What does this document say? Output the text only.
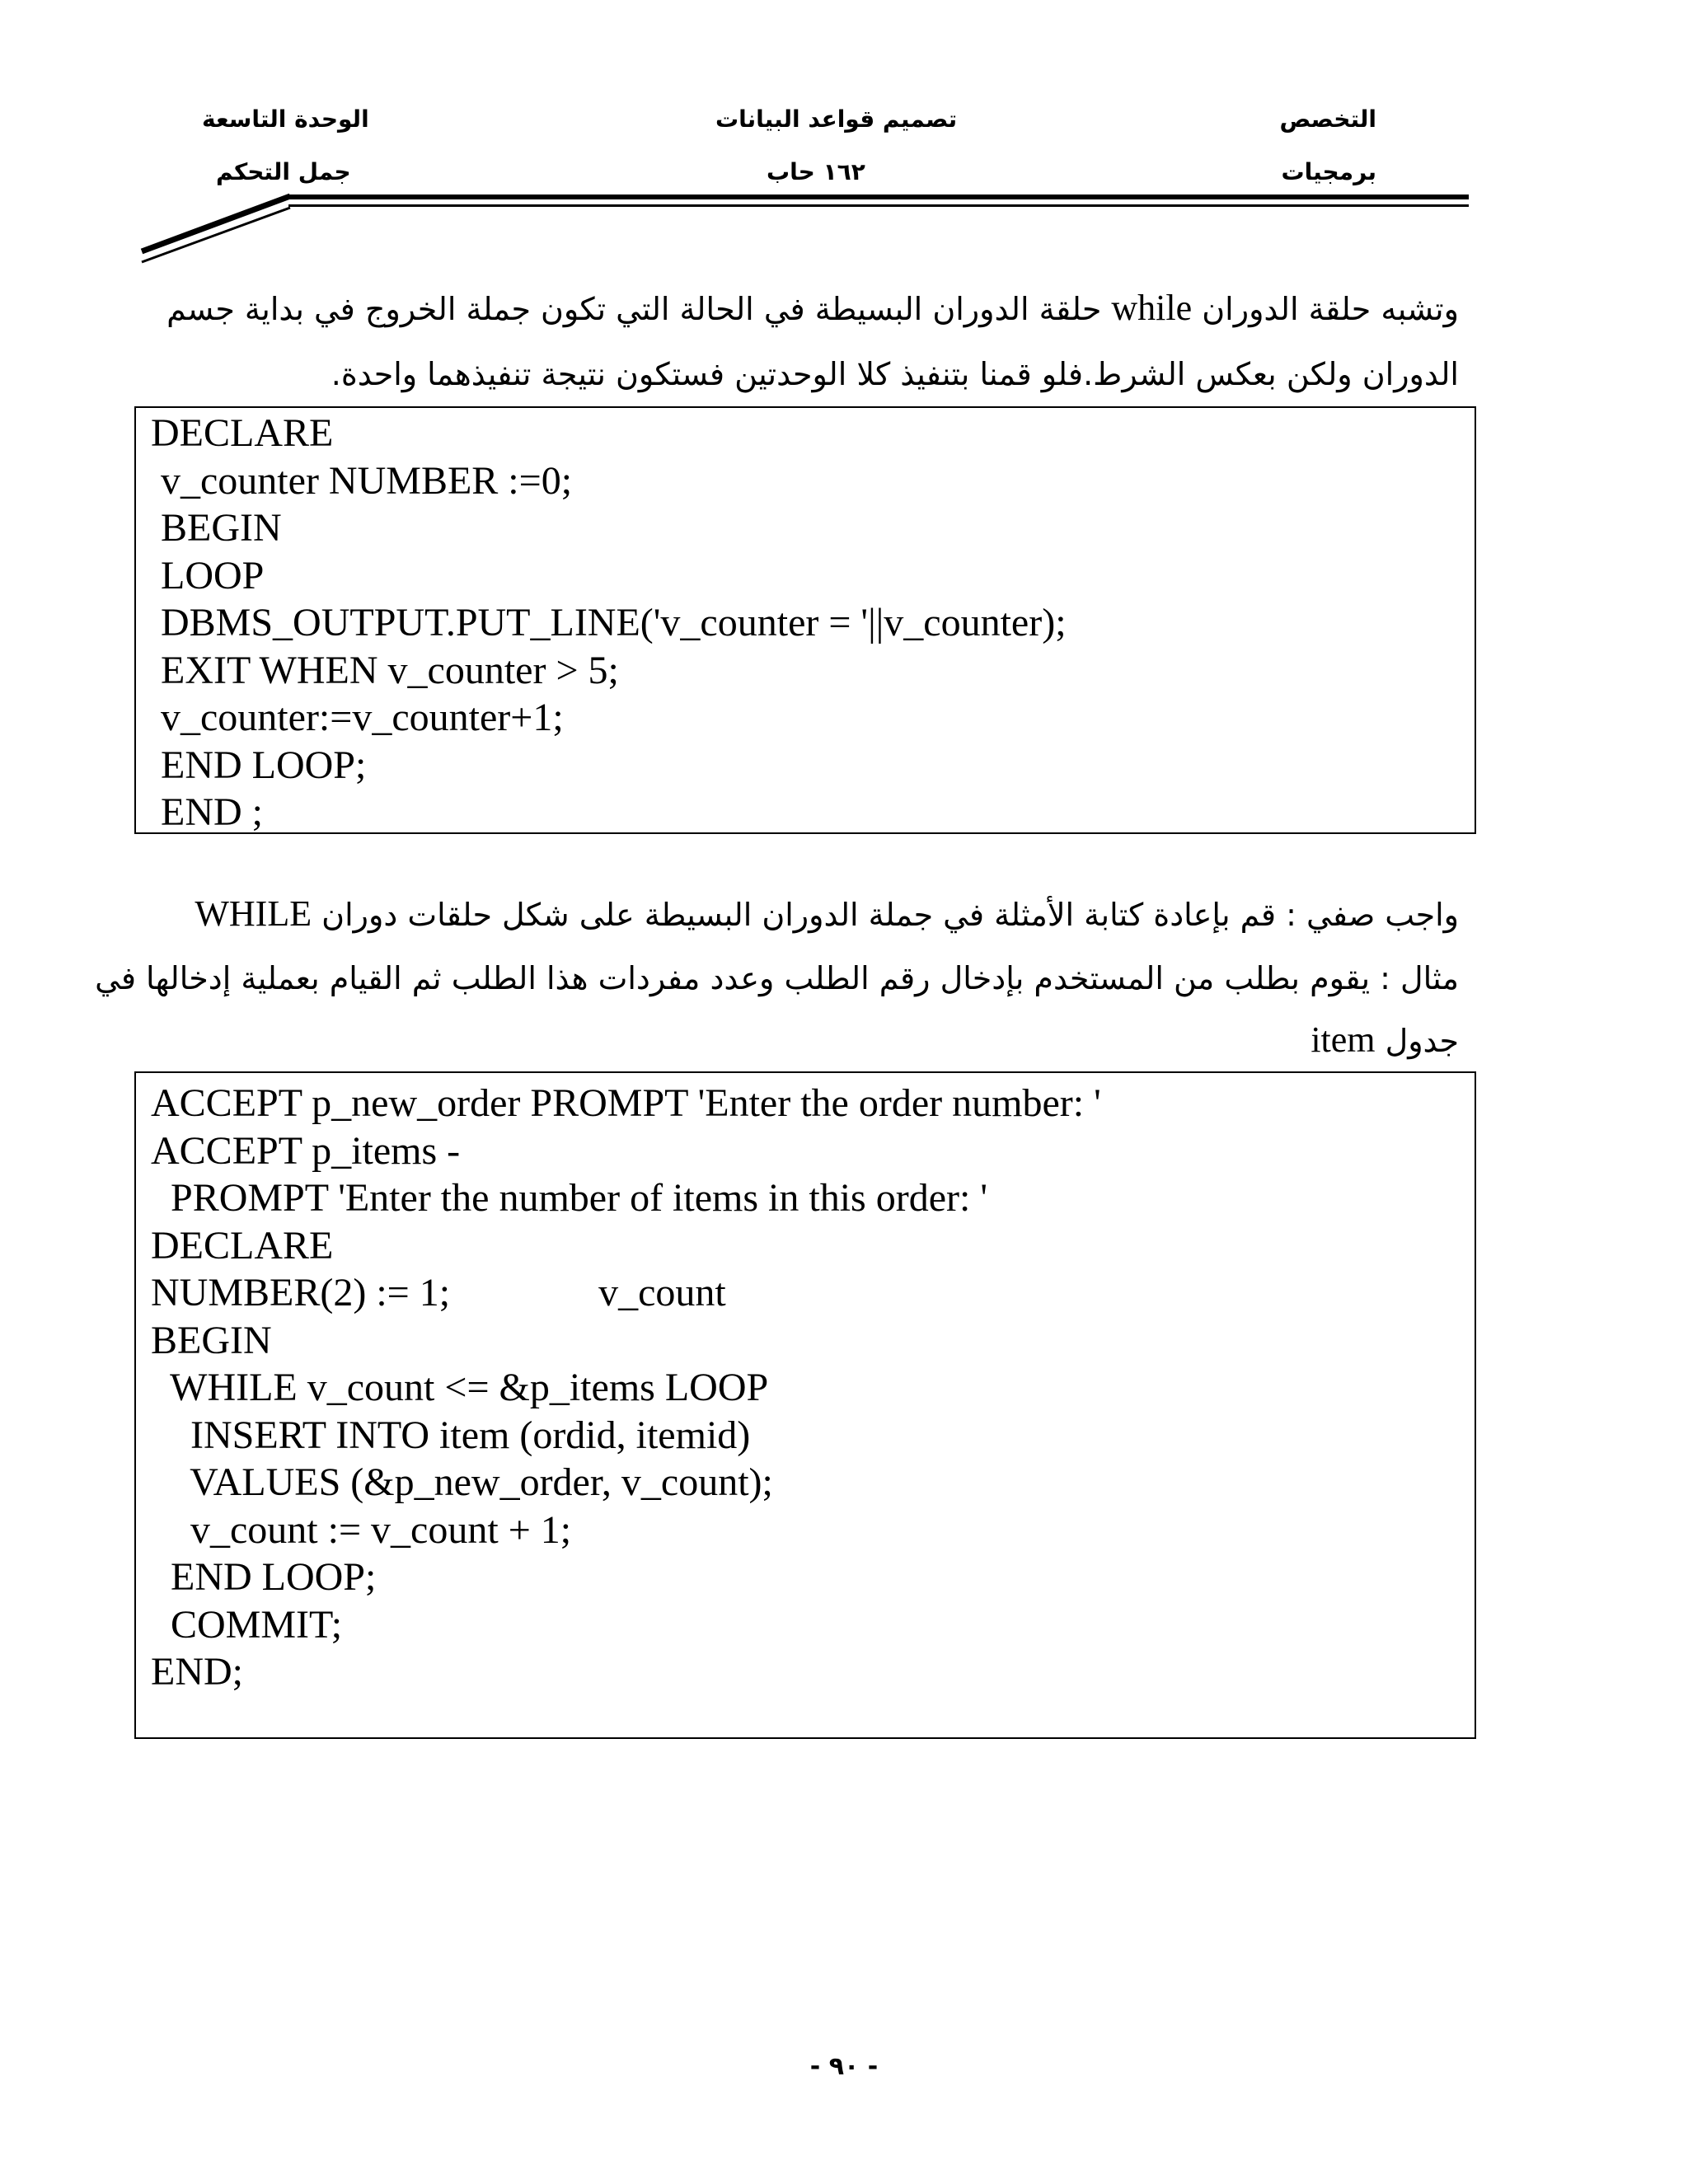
التخصص
برمجيات
تصميم قواعد البيانات
١٦٢ حاب
الوحدة التاسعة
جمل التحكم
وتشبه حلقة الدوران while حلقة الدوران البسيطة في الحالة التي تكون جملة الخروج في بداية جسم
الدوران ولكن بعكس الشرط.فلو قمنا بتنفيذ كلا الوحدتين فستكون نتيجة تنفيذهما واحدة.
DECLARE
v_counter NUMBER :=0;
BEGIN
LOOP
DBMS_OUTPUT.PUT_LINE('v_counter = '||v_counter);
EXIT WHEN v_counter > 5;
v_counter:=v_counter+1;
END LOOP;
END ;
واجب صفي : قم بإعادة كتابة الأمثلة في جملة الدوران البسيطة على شكل حلقات دوران WHILE
مثال : يقوم بطلب من المستخدم بإدخال رقم الطلب وعدد مفردات هذا الطلب ثم القيام بعملية إدخالها في
جدول item
ACCEPT p_new_order PROMPT 'Enter the order number: '
ACCEPT p_items -
PROMPT 'Enter the number of items in this order: '
DECLARE
NUMBER(2) := 1;               v_count
BEGIN
WHILE v_count <= &p_items LOOP
INSERT INTO item (ordid, itemid)
VALUES (&p_new_order, v_count);
v_count := v_count + 1;
END LOOP;
COMMIT;
END;
- ٩٠ -
